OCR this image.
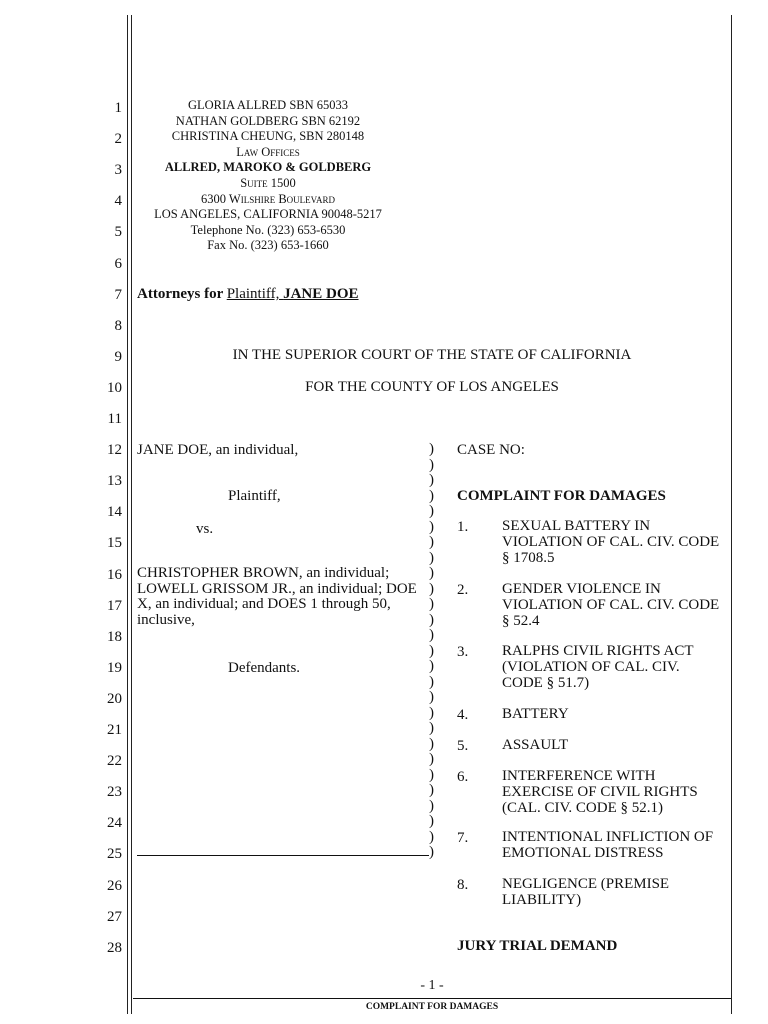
1
2
3
4
5
6
7
8
9
10
11
12
13
14
15
16
17
18
19
20
21
22
23
24
25
26
27
28
GLORIA ALLRED SBN 65033
NATHAN GOLDBERG SBN 62192
CHRISTINA CHEUNG, SBN 280148
Law Offices
ALLRED, MAROKO & GOLDBERG
Suite 1500
6300 Wilshire Boulevard
LOS ANGELES, CALIFORNIA 90048-5217
Telephone No. (323) 653-6530
Fax No. (323) 653-1660
Attorneys for Plaintiff, JANE DOE
IN THE SUPERIOR COURT OF THE STATE OF CALIFORNIA
FOR THE COUNTY OF LOS ANGELES
JANE DOE, an individual,
Plaintiff,
vs.
CHRISTOPHER BROWN, an individual; LOWELL GRISSOM JR., an individual; DOE X, an individual; and DOES 1 through 50, inclusive,
Defendants.
)
)
)
)
)
)
)
)
)
)
)
)
)
)
)
)
)
)
)
)
)
)
)
)
)
)
)
CASE NO:
COMPLAINT FOR DAMAGES
1. SEXUAL BATTERY IN VIOLATION OF CAL. CIV. CODE § 1708.5
2. GENDER VIOLENCE IN VIOLATION OF CAL. CIV. CODE § 52.4
3. RALPHS CIVIL RIGHTS ACT (VIOLATION OF CAL. CIV. CODE § 51.7)
4. BATTERY
5. ASSAULT
6. INTERFERENCE WITH EXERCISE OF CIVIL RIGHTS (CAL. CIV. CODE § 52.1)
7. INTENTIONAL INFLICTION OF EMOTIONAL DISTRESS
8. NEGLIGENCE (PREMISE LIABILITY)
JURY TRIAL DEMAND
- 1 -
COMPLAINT FOR DAMAGES
